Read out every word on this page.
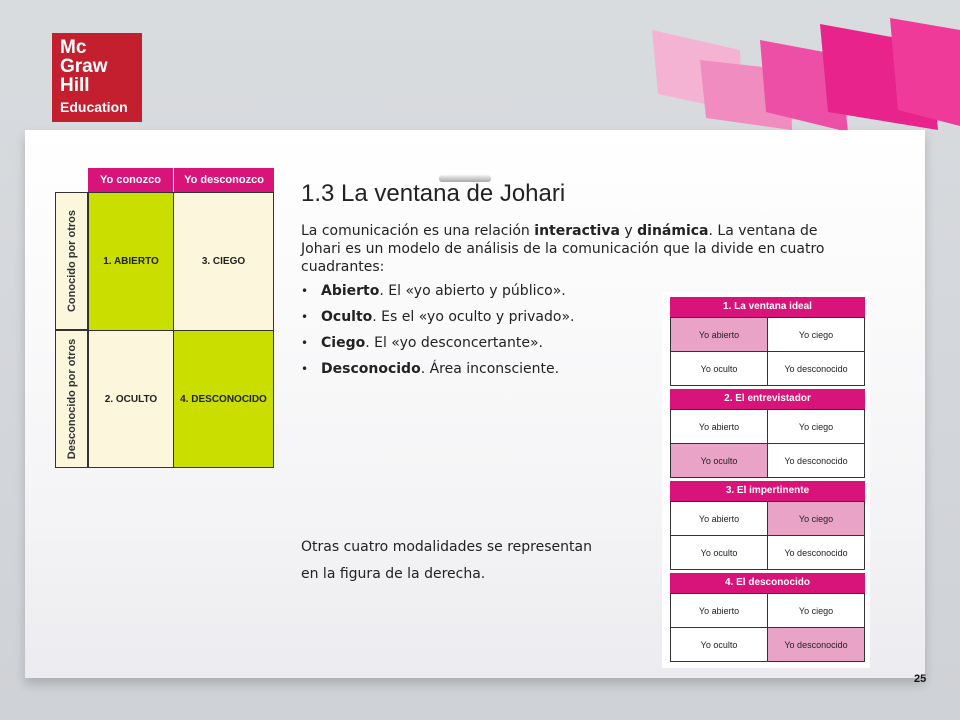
Mc
Graw
Hill
Education
Yo conozco	Yo desconozco
Conocido por otros
Desconocido por otros
1. ABIERTO	3. CIEGO
2. OCULTO	4. DESCONOCIDO
1.3 La ventana de Johari

La comunicación es una relación interactiva y dinámica. La ventana de Johari es un modelo de análisis de la comunicación que la divide en cuatro cuadrantes:

• Abierto. El «yo abierto y público».
• Oculto. Es el «yo oculto y privado».
• Ciego. El «yo desconcertante».
• Desconocido. Área inconsciente.
Otras cuatro modalidades se representan
en la figura de la derecha.
1. La ventana ideal
Yo abierto	Yo ciego
Yo oculto	Yo desconocido
2. El entrevistador
Yo abierto	Yo ciego
Yo oculto	Yo desconocido
3. El impertinente
Yo abierto	Yo ciego
Yo oculto	Yo desconocido
4. El desconocido
Yo abierto	Yo ciego
Yo oculto	Yo desconocido
25
